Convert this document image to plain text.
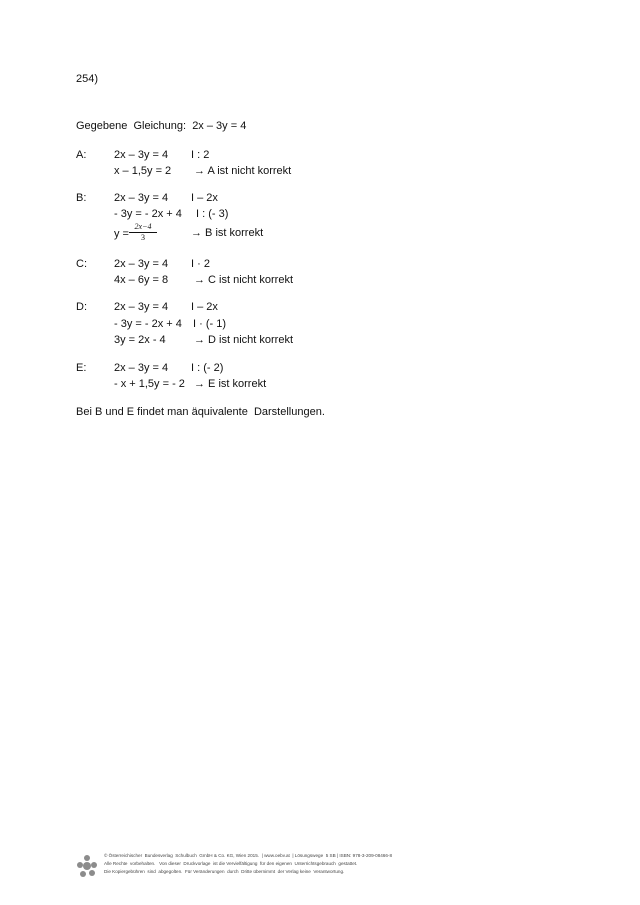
254)
Gegebene  Gleichung:  2x – 3y = 4
A:	2x – 3y = 4 I : 2
x – 1,5y = 2 → A ist nicht korrekt
B:	2x – 3y = 4 I – 2x
- 3y = - 2x + 4 I : (- 3)
$y = \frac{2x-4}{3}$	→ B ist korrekt
C: 2x – 3y = 4 I · 2
4x – 6y = 8 → C ist nicht korrekt
D: 2x – 3y = 4 I – 2x
- 3y = - 2x + 4 I · (- 1)
3y = 2x - 4	→ D ist nicht korrekt
E:	2x – 3y = 4 I : (- 2)
- x + 1,5y = - 2 → E ist korrekt
Bei B und E findet man äquivalente  Darstellungen.
© Österreichischer  Bundesverlag  Schulbuch  GmbH & Co. KG, Wien 2015.  | www.oebv.at  | Lösungswege  5 SB | ISBN: 978-3-209-08466-8
Alle Rechte  vorbehalten.   Von dieser  Druckvorlage  ist die Vervielfältigung  für den eigenen  Unterrichtsgebrauch  gestattet.
Die Kopiergebühren  sind  abgegolten.  Für Veränderungen  durch  Dritte übernimmt  der Verlag keine  Verantwortung.
